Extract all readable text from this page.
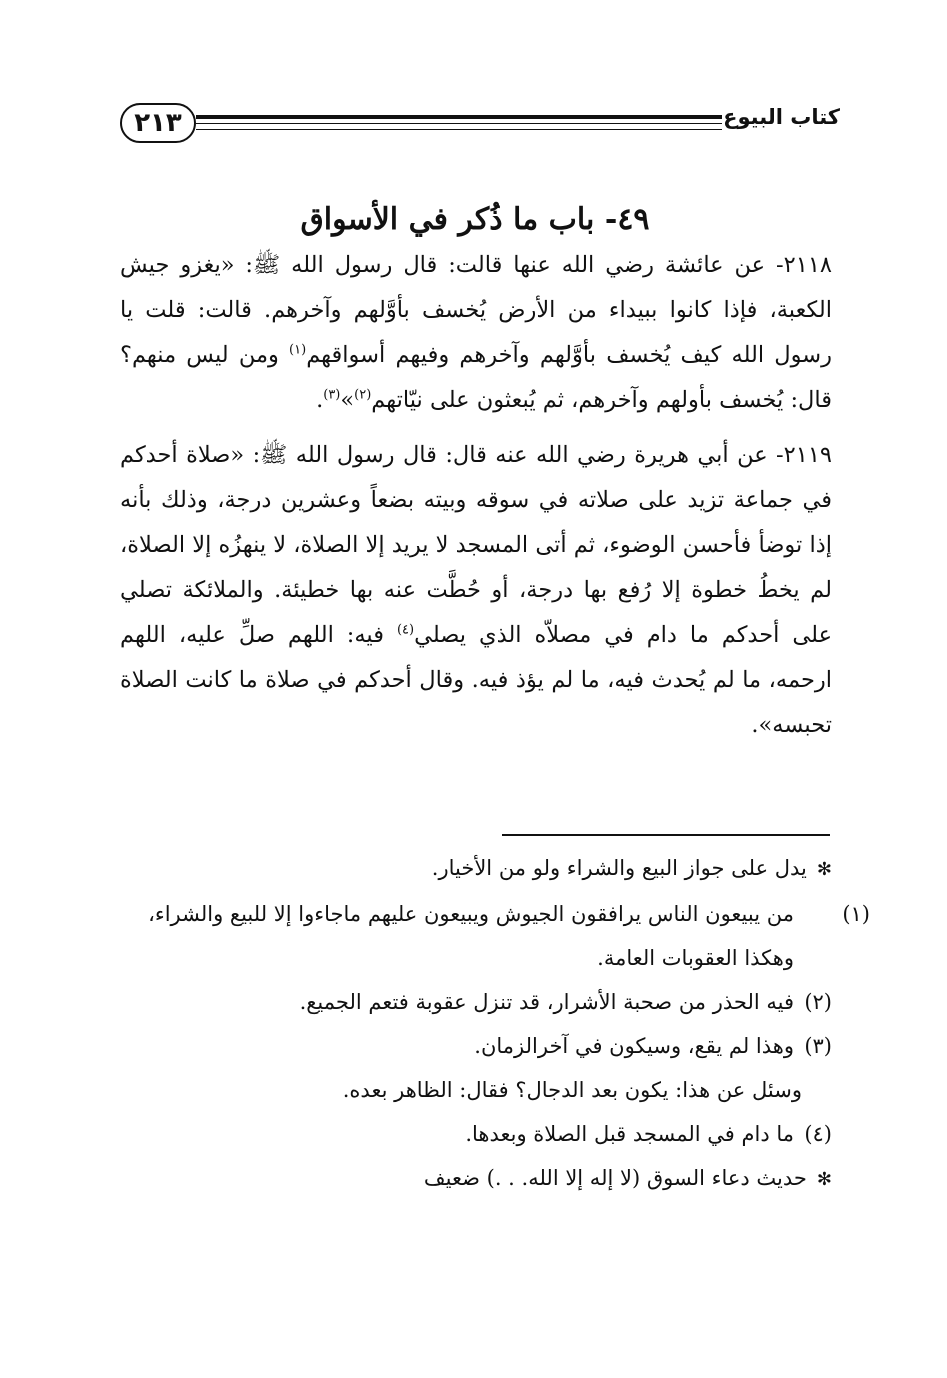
٢١٣	كتاب البيوع
٤٩- باب ما ذُكر في الأسواق

٢١١٨- عن عائشة رضي الله عنها قالت: قال رسول الله ﷺ: «يغزو جيش الكعبة، فإذا كانوا ببيداء من الأرض يُخسف بأوَّلهم وآخرهم. قالت: قلت يا رسول الله كيف يُخسف بأوَّلهم وآخرهم وفيهم أسواقهم$^{(١)}$ ومن ليس منهم؟ قال: يُخسف بأولهم وآخرهم، ثم يُبعثون على نيّاتهم$^{(٢)}$»$^{(٣)}$.

٢١١٩- عن أبي هريرة رضي الله عنه قال: قال رسول الله ﷺ: «صلاة أحدكم في جماعة تزيد على صلاته في سوقه وبيته بضعاً وعشرين درجة، وذلك بأنه إذا توضأ فأحسن الوضوء، ثم أتى المسجد لا يريد إلا الصلاة، لا ينهزُه إلا الصلاة، لم يخطُ خطوة إلا رُفع بها درجة، أو حُطَّت عنه بها خطيئة. والملائكة تصلي على أحدكم ما دام في مصلاّه الذي يصلي$^{(٤)}$ فيه: اللهم صلِّ عليه، اللهم ارحمه، ما لم يُحدث فيه، ما لم يؤذ فيه. وقال أحدكم في صلاة ما كانت الصلاة تحبسه».

✻يدل على جواز البيع والشراء ولو من الأخيار.

(١)من يبيعون الناس يرافقون الجيوش ويبيعون عليهم ماجاءوا إلا للبيع والشراء، وهكذا العقوبات العامة.

(٢)فيه الحذر من صحبة الأشرار، قد تنزل عقوبة فتعم الجميع.

(٣)وهذا لم يقع، وسيكون في آخرالزمان.

وسئل عن هذا: يكون بعد الدجال؟ فقال: الظاهر بعده.

(٤)ما دام في المسجد قبل الصلاة وبعدها.

✻حديث دعاء السوق (لا إله إلا الله. . .) ضعيف
